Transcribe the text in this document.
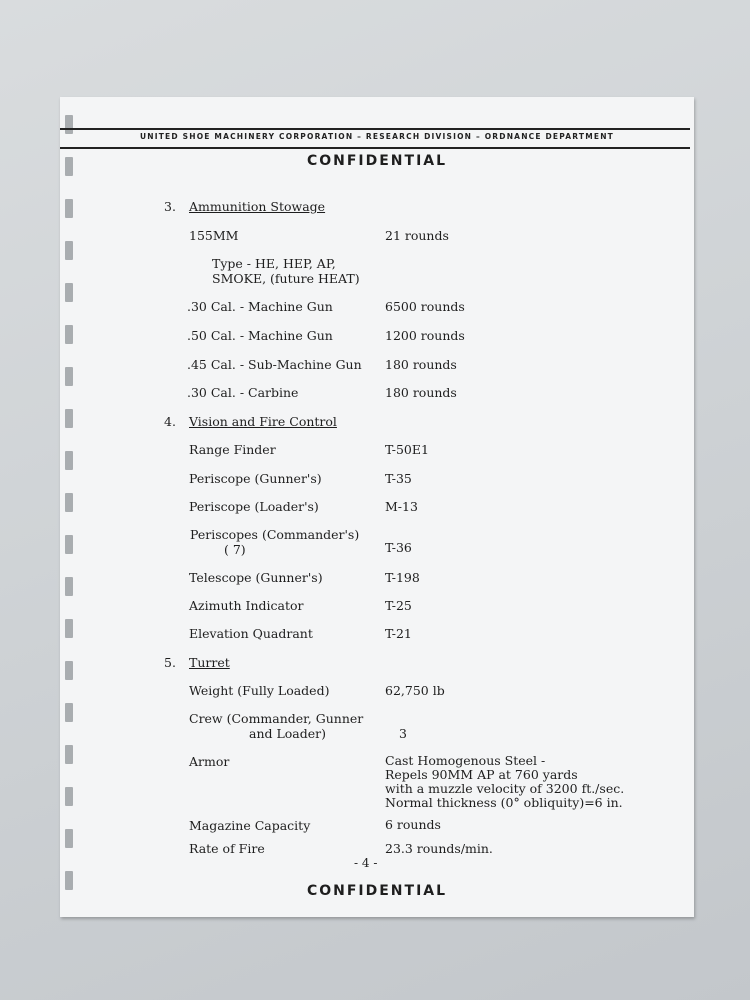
UNITED SHOE MACHINERY CORPORATION – RESEARCH DIVISION – ORDNANCE DEPARTMENT
CONFIDENTIAL
3. Ammunition Stowage
155MM	21 rounds
Type - HE, HEP, AP,
SMOKE, (future HEAT)
.30 Cal. - Machine Gun	6500 rounds
.50 Cal. - Machine Gun	1200 rounds
.45 Cal. - Sub-Machine Gun 180 rounds
.30 Cal. - Carbine	180 rounds
4. Vision and Fire Control
Range Finder	T-50E1
Periscope (Gunner's)	T-35
Periscope (Loader's)	M-13
Periscopes (Commander's)
( 7)	T-36
Telescope (Gunner's)	T-198
Azimuth Indicator	T-25
Elevation Quadrant	T-21
5. Turret
Weight (Fully Loaded)	62,750 lb
Crew (Commander, Gunner
and Loader)	3
Armor	Cast Homogenous Steel -
Repels 90MM AP at 760 yards
with a muzzle velocity of 3200 ft./sec.
Normal thickness (0° obliquity)=6 in.
Magazine Capacity	6 rounds
Rate of Fire	23.3 rounds/min.
- 4 -
CONFIDENTIAL
